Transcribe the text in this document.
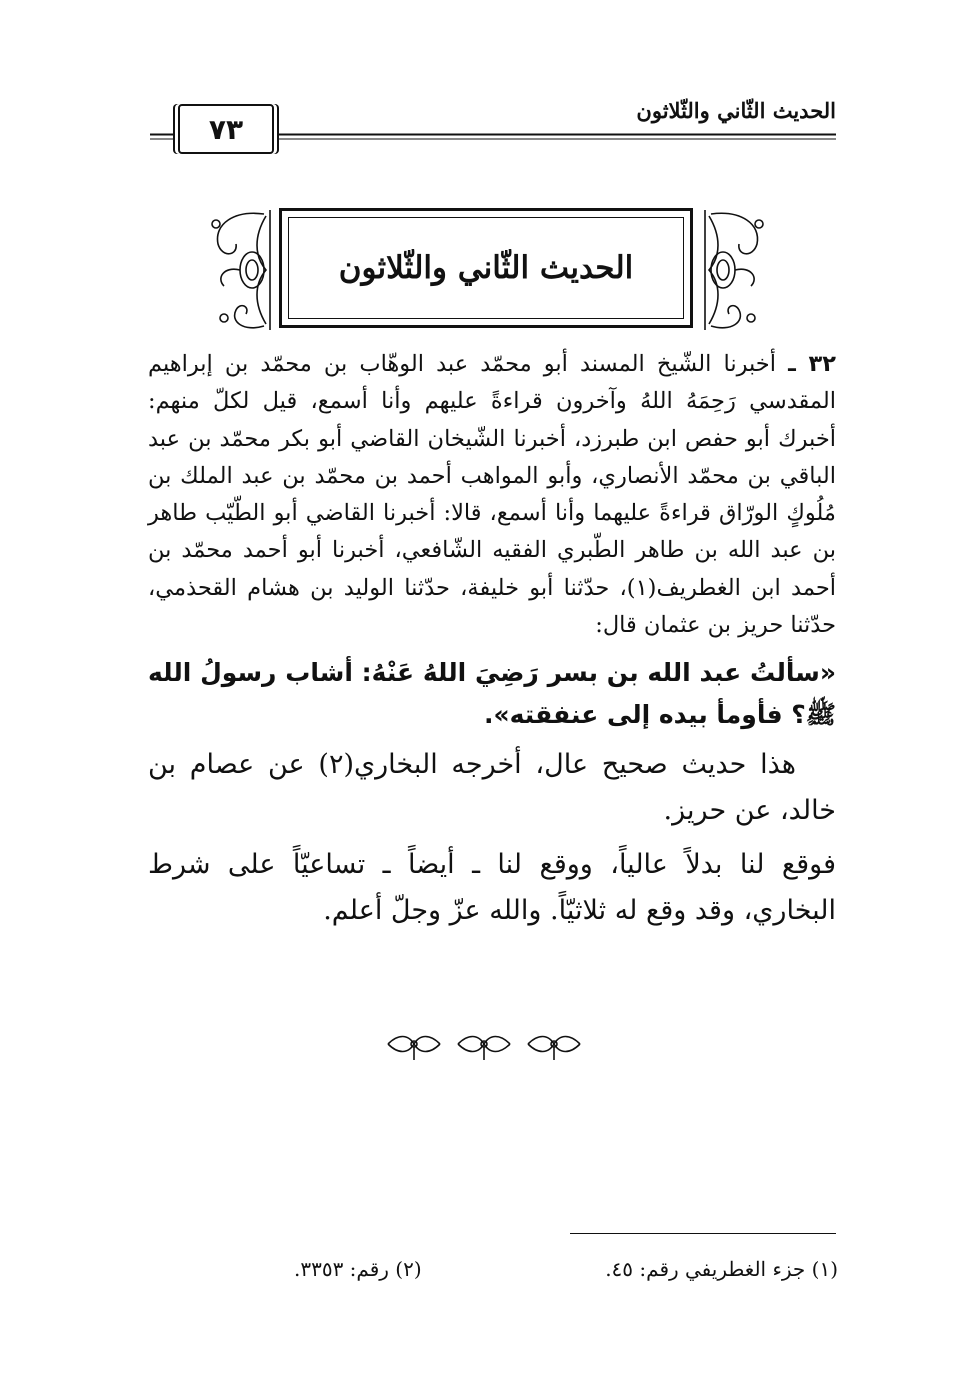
الحديث الثّاني والثّلاثون
٧٣
الحديث الثّاني والثّلاثون

٣٢ ـ أخبرنا الشّيخ المسند أبو محمّد عبد الوهّاب بن محمّد بن إبراهيم المقدسي رَحِمَهُ اللهُ وآخرون قراءةً عليهم وأنا أسمع، قيل لكلّ منهم: أخبرك أبو حفص ابن طبرزد، أخبرنا الشّيخان القاضي أبو بكر محمّد بن عبد الباقي بن محمّد الأنصاري، وأبو المواهب أحمد بن محمّد بن عبد الملك بن مُلُوكٍ الورّاق قراءةً عليهما وأنا أسمع، قالا: أخبرنا القاضي أبو الطّيّب طاهر بن عبد الله بن طاهر الطّبري الفقيه الشّافعي، أخبرنا أبو أحمد محمّد بن أحمد ابن الغطريف(١)، حدّثنا أبو خليفة، حدّثنا الوليد بن هشام القحذمي، حدّثنا حريز بن عثمان قال:

«سألتُ عبد الله بن بسر رَضِيَ اللهُ عَنْهُ: أشاب رسولُ الله ﷺ؟ فأومأ بيده إلى عنفقته».

هذا حديث صحيح عال، أخرجه البخاري(٢) عن عصام بن خالد، عن حريز.

فوقع لنا بدلاً عالياً، ووقع لنا ـ أيضاً ـ تساعيّاً على شرط البخاري، وقد وقع له ثلاثيّاً. والله عزّ وجلّ أعلم.

(١) جزء الغطريفي رقم: ٤٥.
(٢) رقم: ٣٣٥٣.
